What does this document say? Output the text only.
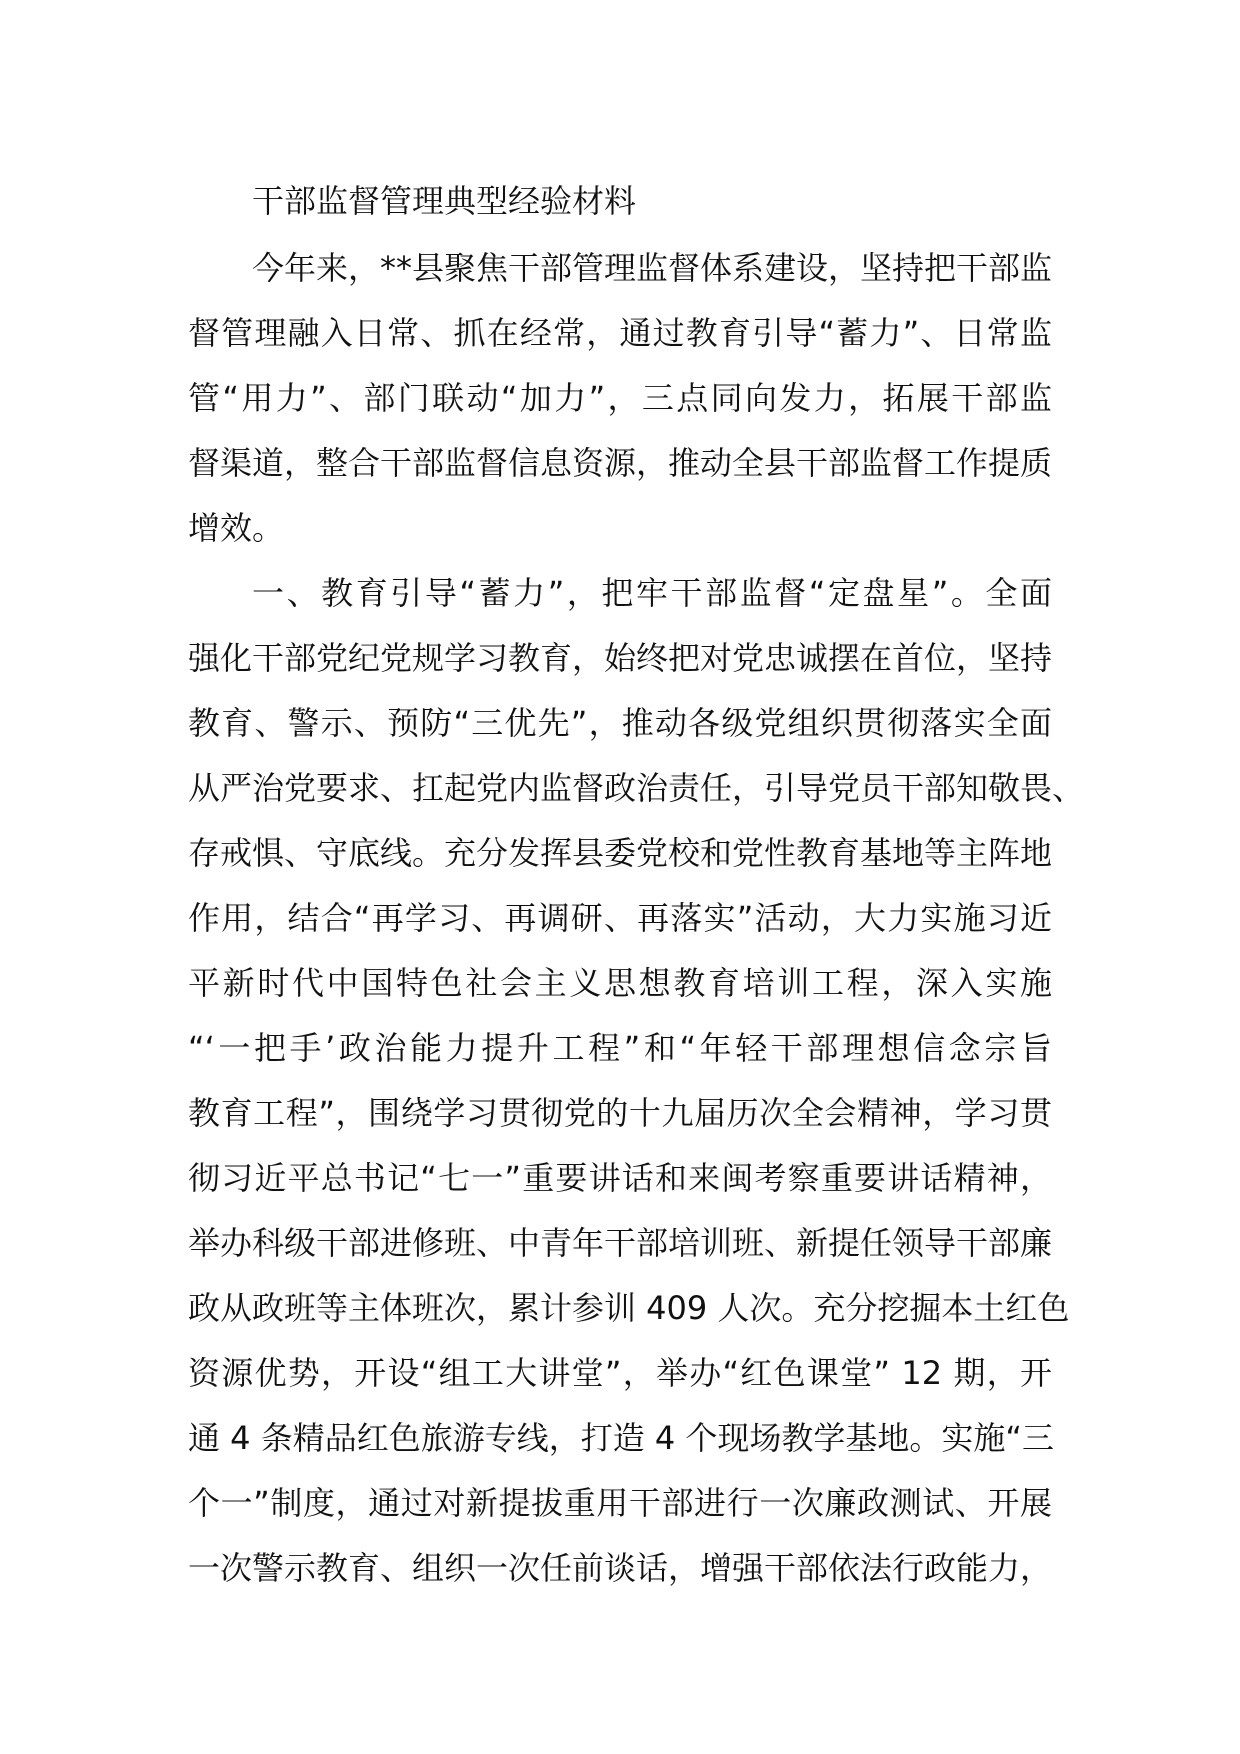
干部监督管理典型经验材料
今年来，**县聚焦干部管理监督体系建设，坚持把干部监
督管理融入日常、抓在经常，通过教育引导“蓄力”、日常监
管“用力”、部门联动“加力”，三点同向发力，拓展干部监
督渠道，整合干部监督信息资源，推动全县干部监督工作提质
增效。
一、教育引导“蓄力”，把牢干部监督“定盘星”。全面
强化干部党纪党规学习教育，始终把对党忠诚摆在首位，坚持
教育、警示、预防“三优先”，推动各级党组织贯彻落实全面
从严治党要求、扛起党内监督政治责任，引导党员干部知敬畏、
存戒惧、守底线。充分发挥县委党校和党性教育基地等主阵地
作用，结合“再学习、再调研、再落实”活动，大力实施习近
平新时代中国特色社会主义思想教育培训工程，深入实施
“‘一把手’政治能力提升工程”和“年轻干部理想信念宗旨
教育工程”，围绕学习贯彻党的十九届历次全会精神，学习贯
彻习近平总书记“七一”重要讲话和来闽考察重要讲话精神，
举办科级干部进修班、中青年干部培训班、新提任领导干部廉
政从政班等主体班次，累计参训 409 人次。充分挖掘本土红色
资源优势，开设“组工大讲堂”，举办“红色课堂” 12 期，开
通 4 条精品红色旅游专线，打造 4 个现场教学基地。实施“三
个一”制度，通过对新提拔重用干部进行一次廉政测试、开展
一次警示教育、组织一次任前谈话，增强干部依法行政能力，
